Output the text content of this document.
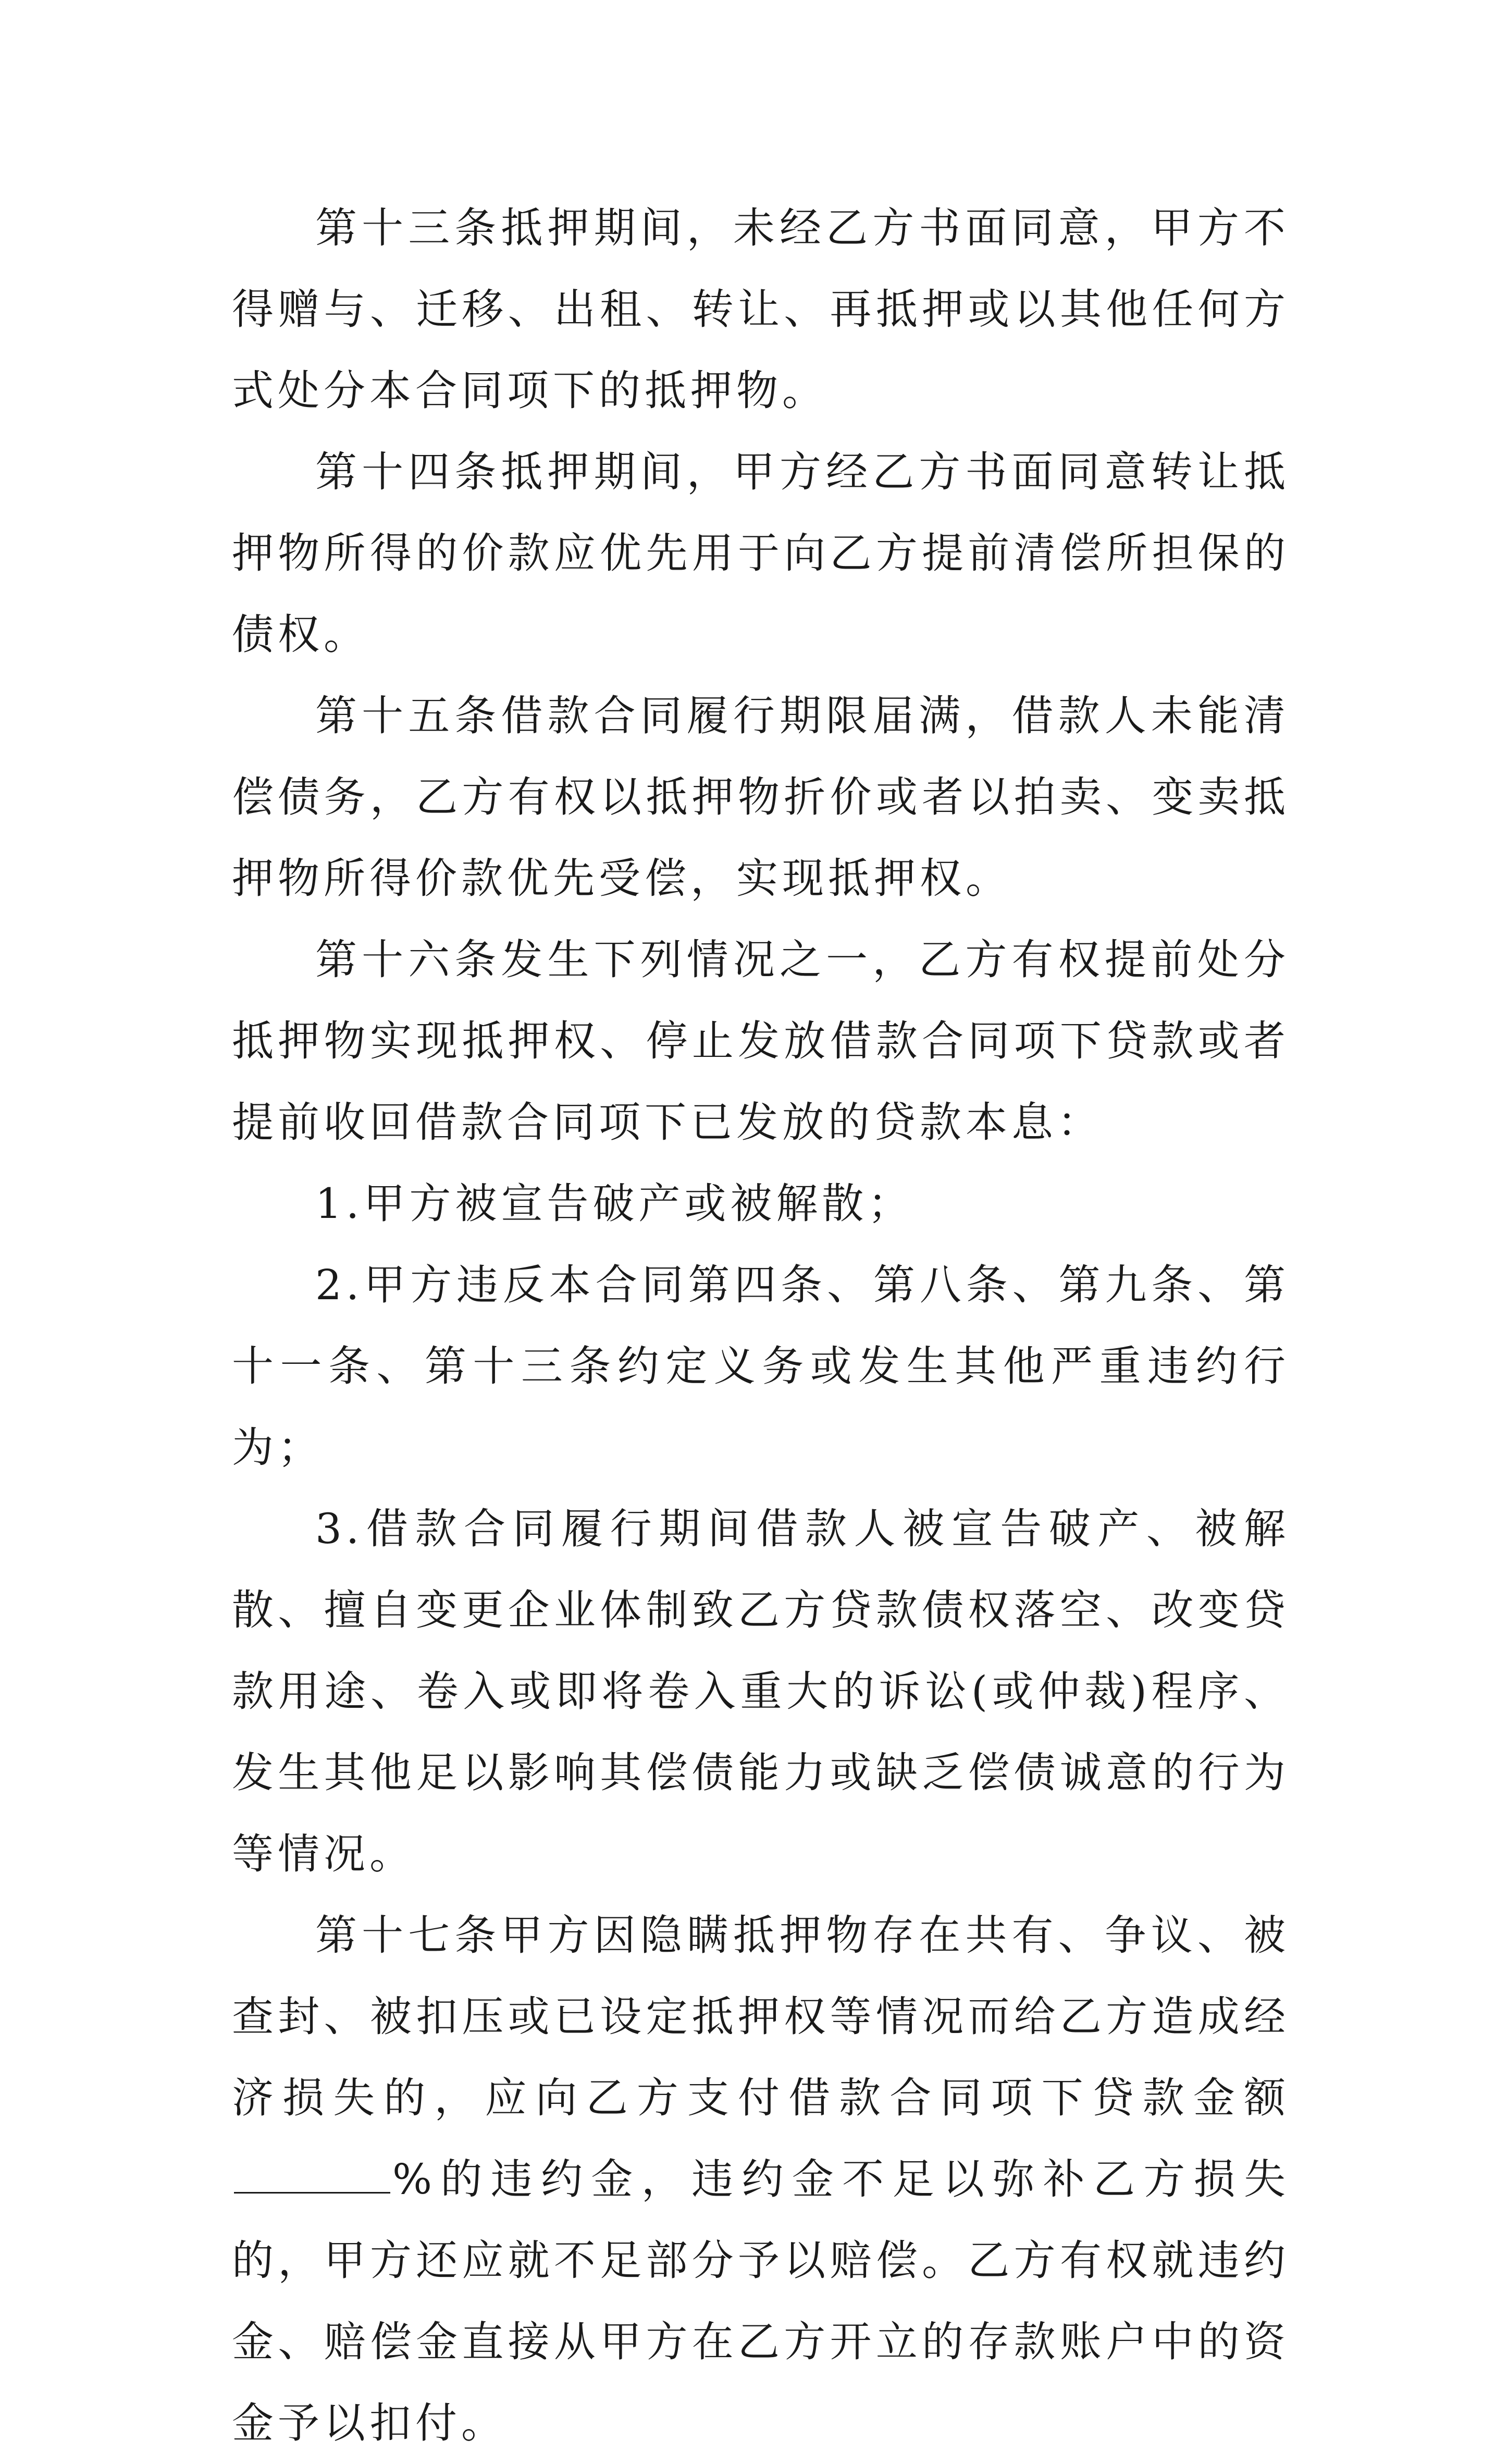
第十三条抵押期间，未经乙方书面同意，甲方不得赠与、迁移、出租、转让、再抵押或以其他任何方式处分本合同项下的抵押物。

第十四条抵押期间，甲方经乙方书面同意转让抵押物所得的价款应优先用于向乙方提前清偿所担保的债权。

第十五条借款合同履行期限届满，借款人未能清偿债务，乙方有权以抵押物折价或者以拍卖、变卖抵押物所得价款优先受偿，实现抵押权。

第十六条发生下列情况之一，乙方有权提前处分抵押物实现抵押权、停止发放借款合同项下贷款或者提前收回借款合同项下已发放的贷款本息：

1.甲方被宣告破产或被解散；

2.甲方违反本合同第四条、第八条、第九条、第十一条、第十三条约定义务或发生其他严重违约行为；

3.借款合同履行期间借款人被宣告破产、被解散、擅自变更企业体制致乙方贷款债权落空、改变贷款用途、卷入或即将卷入重大的诉讼(或仲裁)程序、发生其他足以影响其偿债能力或缺乏偿债诚意的行为等情况。

第十七条甲方因隐瞒抵押物存在共有、争议、被查封、被扣压或已设定抵押权等情况而给乙方造成经济损失的，应向乙方支付借款合同项下贷款金额%的违约金，违约金不足以弥补乙方损失的，甲方还应就不足部分予以赔偿。乙方有权就违约金、赔偿金直接从甲方在乙方开立的存款账户中的资金予以扣付。
